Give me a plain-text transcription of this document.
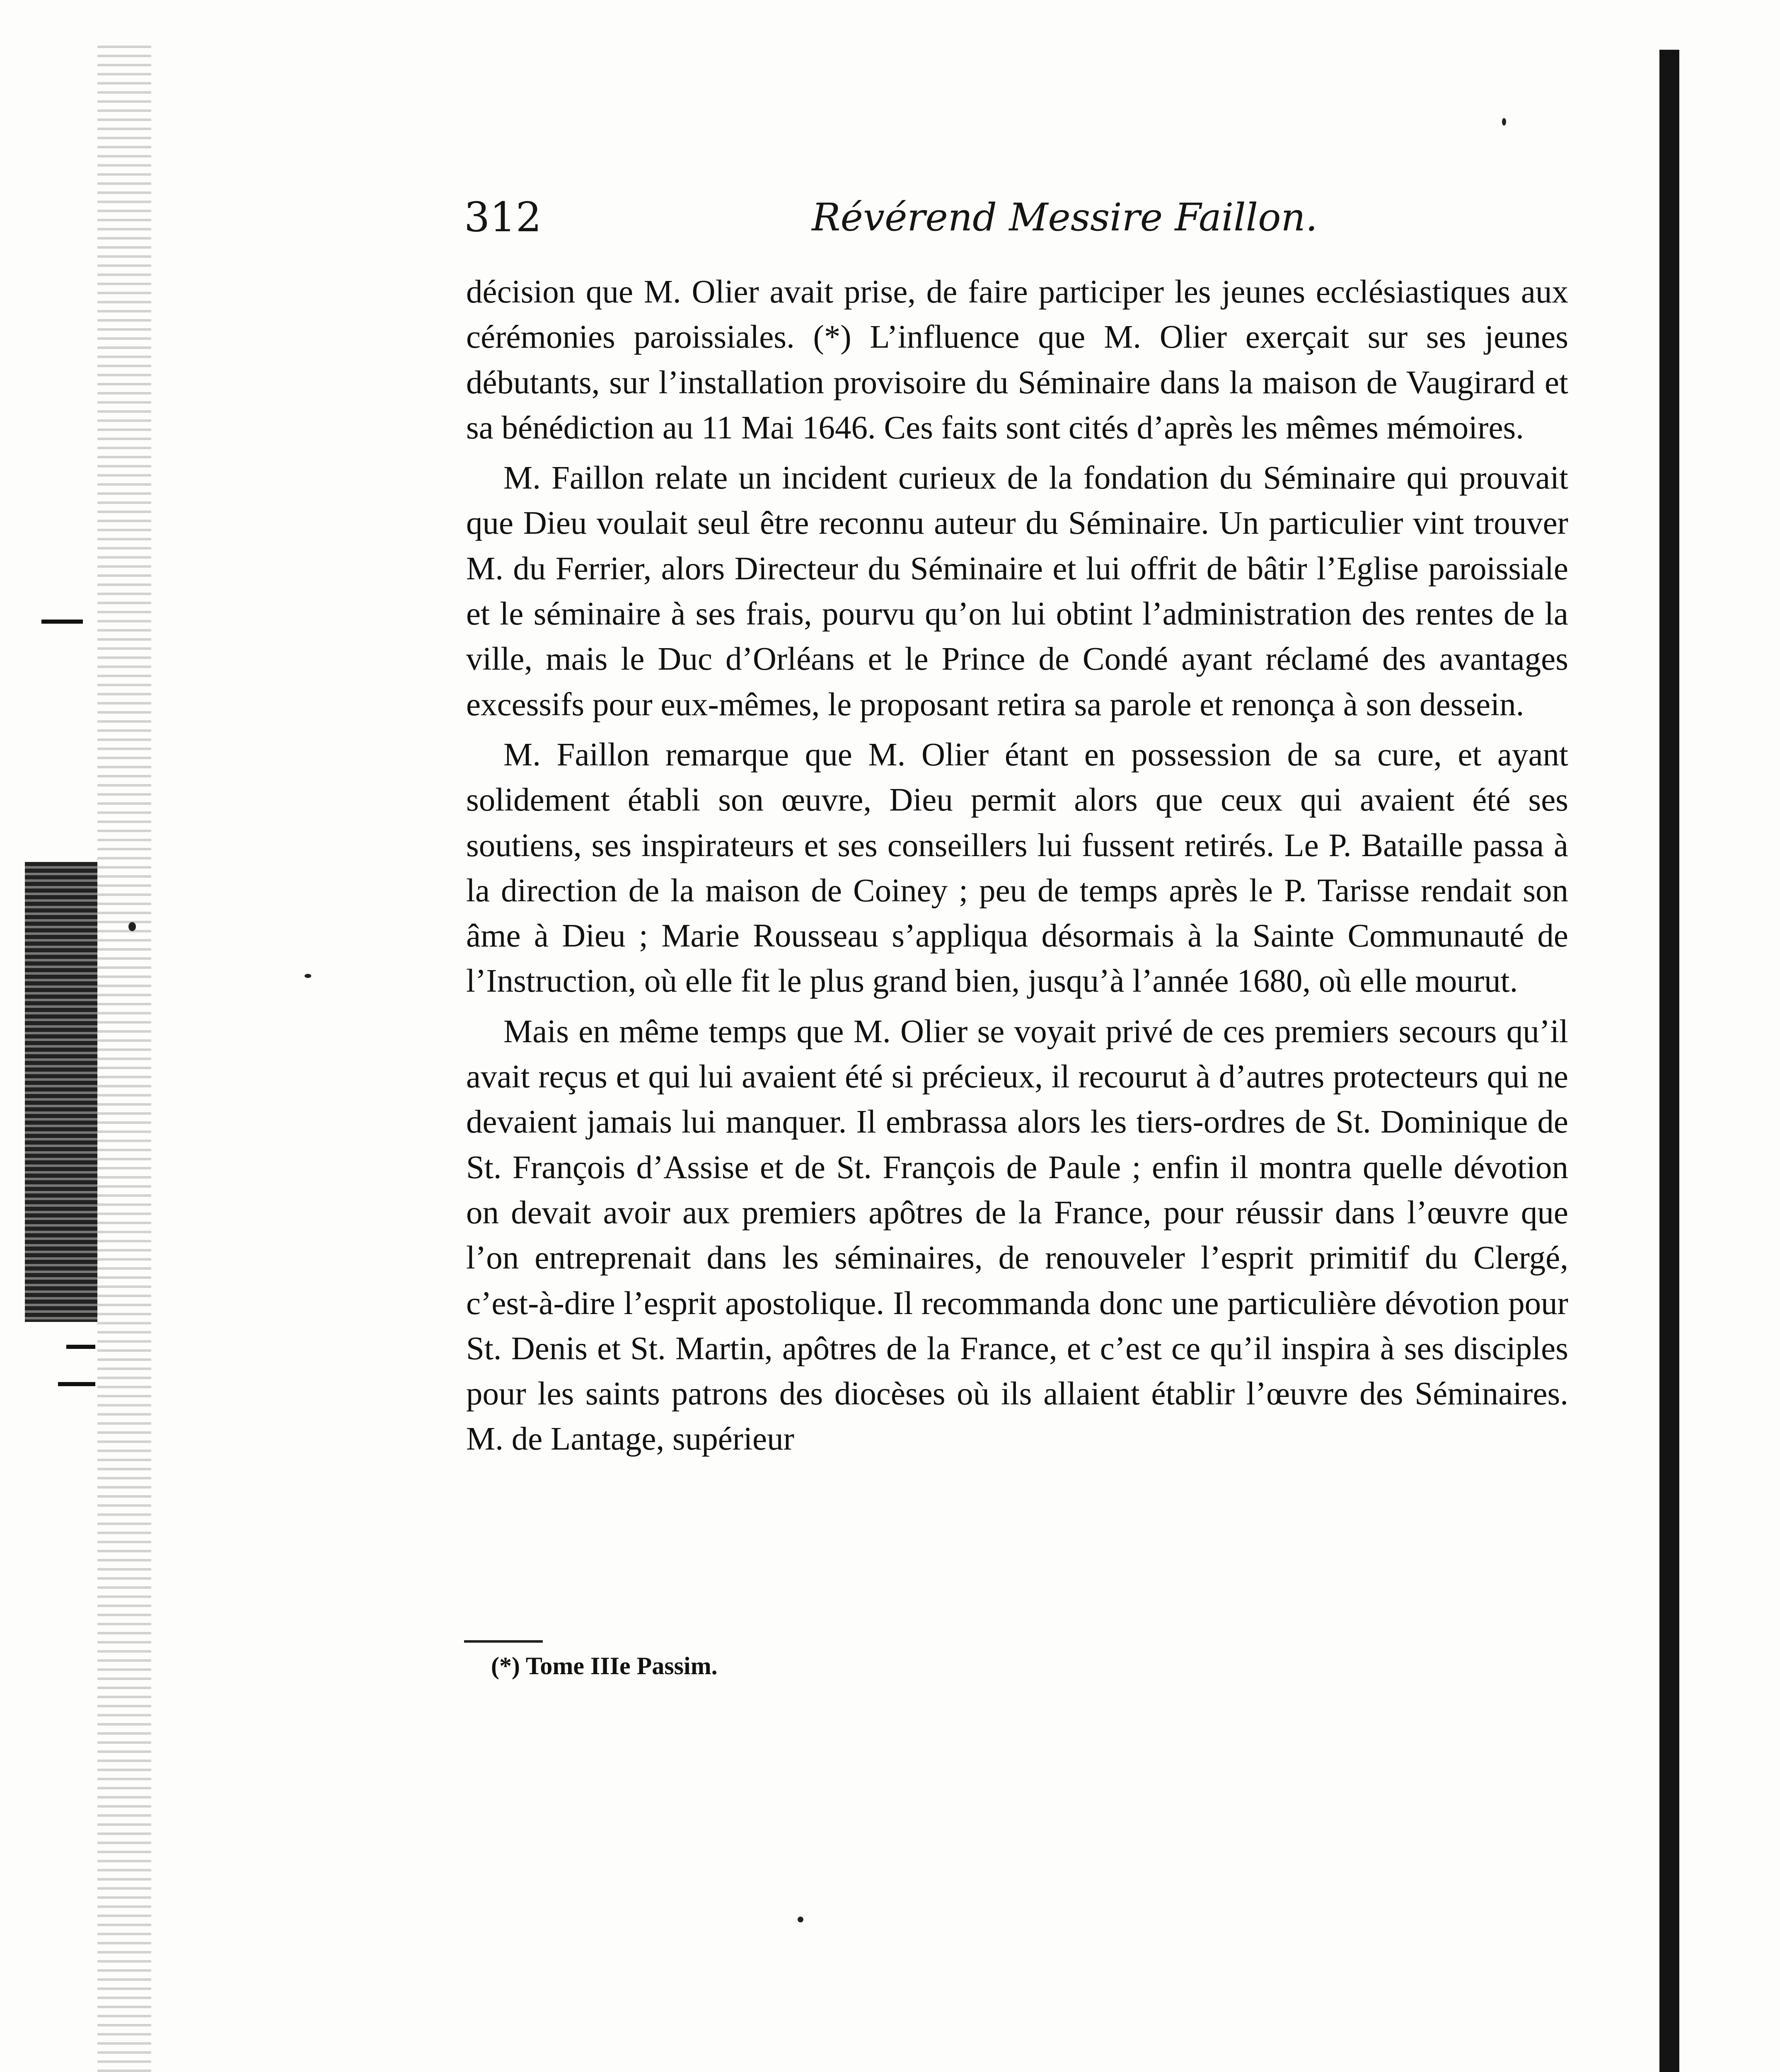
312	Révérend Messire Faillon.

décision que M. Olier avait prise, de faire participer les jeunes ecclésiastiques aux cérémonies paroissiales. (*) L’influence que M. Olier exerçait sur ses jeunes débutants, sur l’installation provisoire du Séminaire dans la maison de Vaugirard et sa bénédiction au 11 Mai 1646. Ces faits sont cités d’après les mêmes mémoires.

M. Faillon relate un incident curieux de la fondation du Séminaire qui prouvait que Dieu voulait seul être reconnu auteur du Séminaire. Un particulier vint trouver M. du Ferrier, alors Directeur du Séminaire et lui offrit de bâtir l’Eglise paroissiale et le séminaire à ses frais, pourvu qu’on lui obtint l’administration des rentes de la ville, mais le Duc d’Orléans et le Prince de Condé ayant réclamé des avantages excessifs pour eux-mêmes, le proposant retira sa parole et renonça à son dessein.

M. Faillon remarque que M. Olier étant en possession de sa cure, et ayant solidement établi son œuvre, Dieu permit alors que ceux qui avaient été ses soutiens, ses inspirateurs et ses conseillers lui fussent retirés. Le P. Bataille passa à la direction de la maison de Coiney ; peu de temps après le P. Tarisse rendait son âme à Dieu ; Marie Rousseau s’appliqua désormais à la Sainte Communauté de l’Instruction, où elle fit le plus grand bien, jusqu’à l’année 1680, où elle mourut.

Mais en même temps que M. Olier se voyait privé de ces premiers secours qu’il avait reçus et qui lui avaient été si précieux, il recourut à d’autres protecteurs qui ne devaient jamais lui manquer. Il embrassa alors les tiers-ordres de St. Dominique de St. François d’Assise et de St. François de Paule ; enfin il montra quelle dévotion on devait avoir aux premiers apôtres de la France, pour réussir dans l’œuvre que l’on entreprenait dans les séminaires, de renouveler l’esprit primitif du Clergé, c’est-à-dire l’esprit apostolique. Il recommanda donc une particulière dévotion pour St. Denis et St. Martin, apôtres de la France, et c’est ce qu’il inspira à ses disciples pour les saints patrons des diocèses où ils allaient établir l’œuvre des Séminaires. M. de Lantage, supérieur

(*) Tome IIIe Passim.
